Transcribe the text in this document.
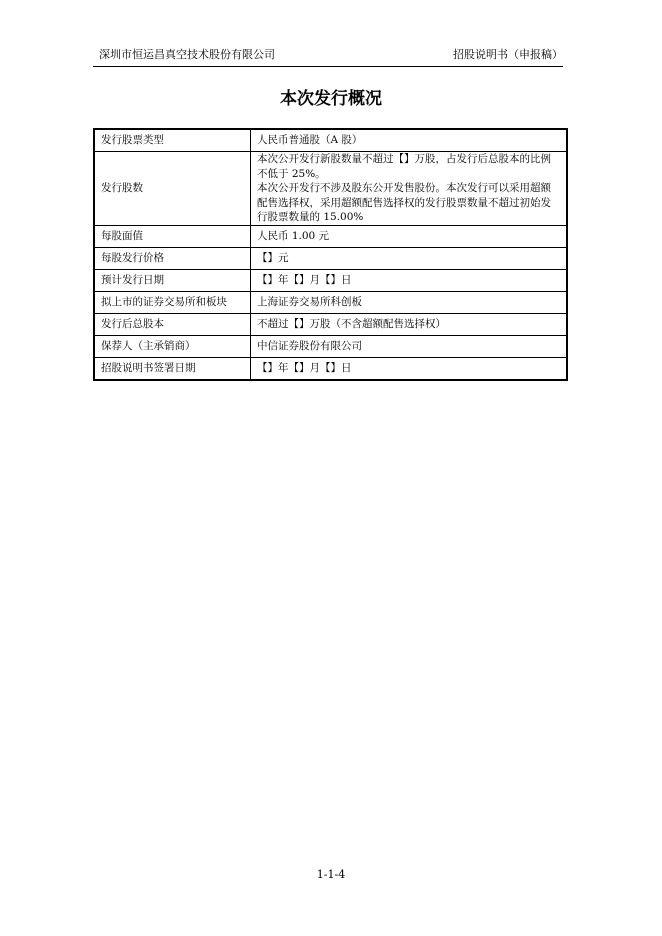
深圳市恒运昌真空技术股份有限公司	招股说明书（申报稿）
本次发行概况
发行股票类型	人民币普通股（A 股）

发行股数	本次公开发行新股数量不超过【】万股，占发行后总股本的比例不低于 25%。
本次公开发行不涉及股东公开发售股份。本次发行可以采用超额配售选择权，采用超额配售选择权的发行股票数量不超过初始发行股票数量的 15.00%

每股面值	人民币 1.00 元

每股发行价格	【】元

预计发行日期	【】年【】月【】日

拟上市的证券交易所和板块	上海证券交易所科创板

发行后总股本	不超过【】万股（不含超额配售选择权）

保荐人（主承销商）	中信证券股份有限公司

招股说明书签署日期	【】年【】月【】日
1-1-4
